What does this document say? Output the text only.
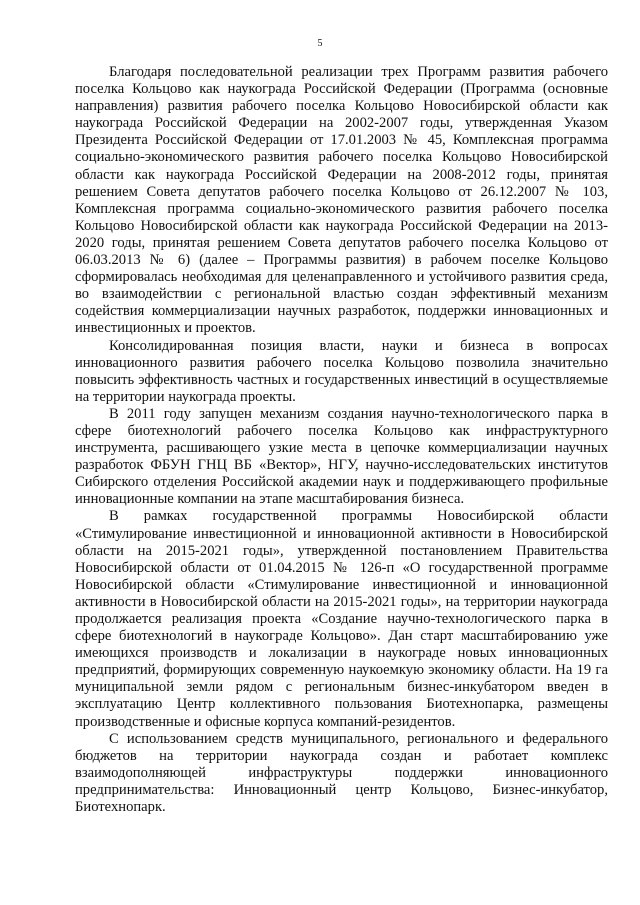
5

Благодаря последовательной реализации трех Программ развития рабочего поселка Кольцово как наукограда Российской Федерации (Программа (основные направления) развития рабочего поселка Кольцово Новосибирской области как наукограда Российской Федерации на 2002-2007 годы, утвержденная Указом Президента Российской Федерации от 17.01.2003 № 45, Комплексная программа социально-экономического развития рабочего поселка Кольцово Новосибирской области как наукограда Российской Федерации на 2008-2012 годы, принятая решением Совета депутатов рабочего поселка Кольцово от 26.12.2007 № 103, Комплексная программа социально-экономического развития рабочего поселка Кольцово Новосибирской области как наукограда Российской Федерации на 2013-2020 годы, принятая решением Совета депутатов рабочего поселка Кольцово от 06.03.2013 № 6) (далее – Программы развития) в рабочем поселке Кольцово сформировалась необходимая для целенаправленного и устойчивого развития среда, во взаимодействии с региональной властью создан эффективный механизм содействия коммерциализации научных разработок, поддержки инновационных и инвестиционных и проектов.

Консолидированная позиция власти, науки и бизнеса в вопросах инновационного развития рабочего поселка Кольцово позволила значительно повысить эффективность частных и государственных инвестиций в осуществляемые на территории наукограда проекты.

В 2011 году запущен механизм создания научно-технологического парка в сфере биотехнологий рабочего поселка Кольцово как инфраструктурного инструмента, расшивающего узкие места в цепочке коммерциализации научных разработок ФБУН ГНЦ ВБ «Вектор», НГУ, научно-исследовательских институтов Сибирского отделения Российской академии наук и поддерживающего профильные инновационные компании на этапе масштабирования бизнеса.

В рамках государственной программы Новосибирской области «Стимулирование инвестиционной и инновационной активности в Новосибирской области на 2015-2021 годы», утвержденной постановлением Правительства Новосибирской области от 01.04.2015 № 126-п «О государственной программе Новосибирской области «Стимулирование инвестиционной и инновационной активности в Новосибирской области на 2015-2021 годы», на территории наукограда продолжается реализация проекта «Создание научно-технологического парка в сфере биотехнологий в наукограде Кольцово». Дан старт масштабированию уже имеющихся производств и локализации в наукограде новых инновационных предприятий, формирующих современную наукоемкую экономику области. На 19 га муниципальной земли рядом с региональным бизнес-инкубатором введен в эксплуатацию Центр коллективного пользования Биотехнопарка, размещены производственные и офисные корпуса компаний-резидентов.

С использованием средств муниципального, регионального и федерального бюджетов на территории наукограда создан и работает комплекс взаимодополняющей инфраструктуры поддержки инновационного предпринимательства: Инновационный центр Кольцово, Бизнес-инкубатор, Биотехнопарк.
